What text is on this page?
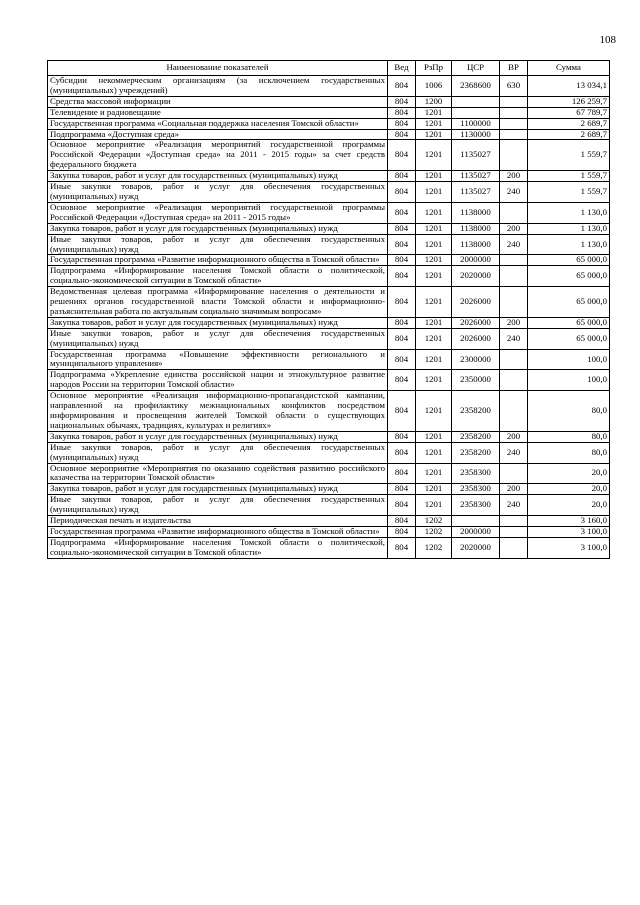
108
Наименование показателей	Вед	РзПр	ЦСР	ВР	Сумма
Субсидии некоммерческим организациям (за исключением государственных (муниципальных) учреждений)	804	1006	2368600	630	13 034,1
Средства массовой информации	804	1200			126 259,7
Телевидение и радиовещание	804	1201			67 789,7
Государственная программа «Социальная поддержка населения Томской области»	804	1201	1100000		2 689,7
Подпрограмма «Доступная среда»	804	1201	1130000		2 689,7
Основное мероприятие «Реализация мероприятий государственной программы Российской Федерации «Доступная среда» на 2011 - 2015 годы» за счет средств федерального бюджета	804	1201	1135027		1 559,7
Закупка товаров, работ и услуг для государственных (муниципальных) нужд	804	1201	1135027	200	1 559,7
Иные закупки товаров, работ и услуг для обеспечения государственных (муниципальных) нужд	804	1201	1135027	240	1 559,7
Основное мероприятие «Реализация мероприятий государственной программы Российской Федерации «Доступная среда» на 2011 - 2015 годы»	804	1201	1138000		1 130,0
Закупка товаров, работ и услуг для государственных (муниципальных) нужд	804	1201	1138000	200	1 130,0
Иные закупки товаров, работ и услуг для обеспечения государственных (муниципальных) нужд	804	1201	1138000	240	1 130,0
Государственная программа «Развитие информационного общества в Томской области»	804	1201	2000000		65 000,0
Подпрограмма «Информирование населения Томской области о политической, социально-экономической ситуации в Томской области»	804	1201	2020000		65 000,0
Ведомственная целевая программа «Информирование населения о деятельности и решениях органов государственной власти Томской области и информационно-разъяснительная работа по актуальным социально значимым вопросам»	804	1201	2026000		65 000,0
Закупка товаров, работ и услуг для государственных (муниципальных) нужд	804	1201	2026000	200	65 000,0
Иные закупки товаров, работ и услуг для обеспечения государственных (муниципальных) нужд	804	1201	2026000	240	65 000,0
Государственная программа «Повышение эффективности регионального и муниципального управления»	804	1201	2300000		100,0
Подпрограмма «Укрепление единства российской нации и этнокультурное развитие народов России на территории Томской области»	804	1201	2350000		100,0
Основное мероприятие «Реализация информационно-пропагандистской кампании, направленной на профилактику межнациональных конфликтов посредством информирования и просвещения жителей Томской области о существующих национальных обычаях, традициях, культурах и религиях»	804	1201	2358200		80,0
Закупка товаров, работ и услуг для государственных (муниципальных) нужд	804	1201	2358200	200	80,0
Иные закупки товаров, работ и услуг для обеспечения государственных (муниципальных) нужд	804	1201	2358200	240	80,0
Основное мероприятие «Мероприятия по оказанию содействия развитию российского казачества на территории Томской области»	804	1201	2358300		20,0
Закупка товаров, работ и услуг для государственных (муниципальных) нужд	804	1201	2358300	200	20,0
Иные закупки товаров, работ и услуг для обеспечения государственных (муниципальных) нужд	804	1201	2358300	240	20,0
Периодическая печать и издательства	804	1202			3 160,0
Государственная программа «Развитие информационного общества в Томской области»	804	1202	2000000		3 100,0
Подпрограмма «Информирование населения Томской области о политической, социально-экономической ситуации в Томской области»	804	1202	2020000		3 100,0
